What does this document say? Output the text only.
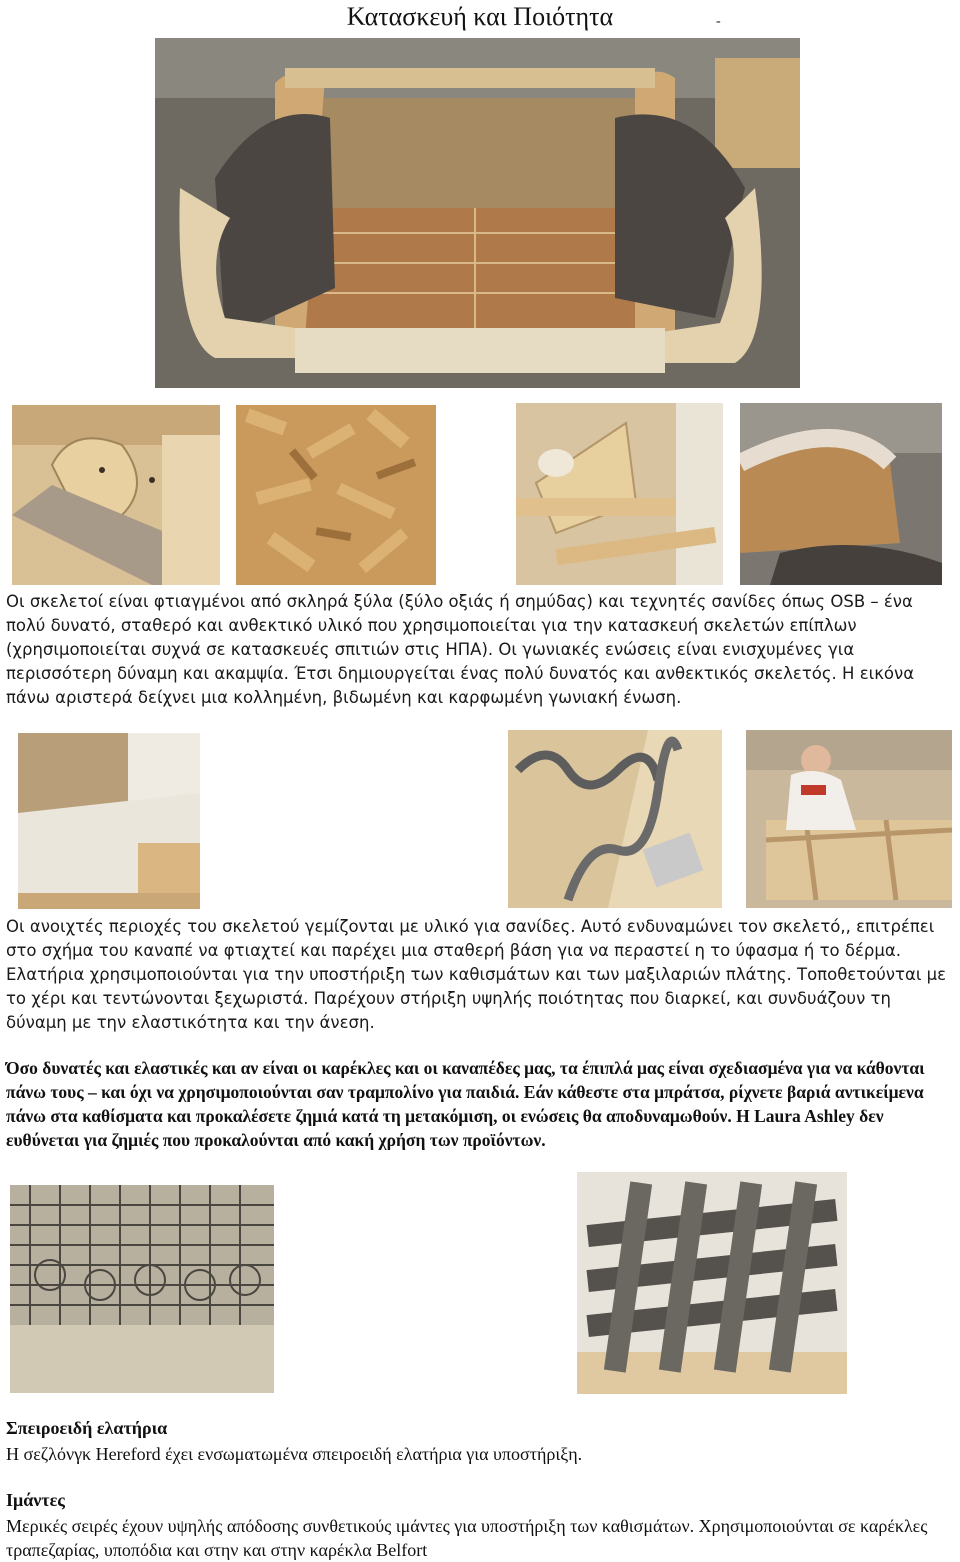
Κατασκευή και Ποιότητα	-
Οι σκελετοί είναι φτιαγμένοι από σκληρά ξύλα (ξύλο οξιάς ή σημύδας) και τεχνητές σανίδες όπως OSB – ένα πολύ δυνατό, σταθερό και ανθεκτικό υλικό που χρησιμοποιείται για την κατασκευή σκελετών επίπλων (χρησιμοποιείται συχνά σε κατασκευές σπιτιών στις ΗΠΑ). Οι γωνιακές ενώσεις είναι ενισχυμένες για περισσότερη δύναμη και ακαμψία. Έτσι δημιουργείται ένας πολύ δυνατός και ανθεκτικός σκελετός. Η εικόνα πάνω αριστερά δείχνει μια κολλημένη, βιδωμένη και καρφωμένη γωνιακή ένωση.
Οι ανοιχτές περιοχές του σκελετού γεμίζονται με υλικό για σανίδες. Αυτό ενδυναμώνει τον σκελετό,, επιτρέπει στο σχήμα του καναπέ να φτιαχτεί και παρέχει μια σταθερή βάση για να περαστεί η το ύφασμα ή το δέρμα. Ελατήρια χρησιμοποιούνται για την υποστήριξη των καθισμάτων και των μαξιλαριών πλάτης. Τοποθετούνται με το χέρι και τεντώνονται ξεχωριστά. Παρέχουν στήριξη υψηλής ποιότητας που διαρκεί, και συνδυάζουν τη δύναμη με την ελαστικότητα και την άνεση.
Όσο δυνατές και ελαστικές και αν είναι οι καρέκλες και οι καναπέδες μας, τα έπιπλά μας είναι σχεδιασμένα για να κάθονται πάνω τους – και όχι να χρησιμοποιούνται σαν τραμπολίνο για παιδιά. Εάν κάθεστε στα μπράτσα, ρίχνετε βαριά αντικείμενα πάνω στα καθίσματα και προκαλέσετε ζημιά κατά τη μετακόμιση, οι ενώσεις θα αποδυναμωθούν. Η Laura Ashley δεν ευθύνεται για ζημιές που προκαλούνται από κακή χρήση των προϊόντων.
Σπειροειδή ελατήρια
Η σεζλόνγκ Hereford έχει ενσωματωμένα σπειροειδή ελατήρια για υποστήριξη.
Ιμάντες
Μερικές σειρές έχουν υψηλής απόδοσης συνθετικούς ιμάντες για υποστήριξη των καθισμάτων. Χρησιμοποιούνται σε καρέκλες τραπεζαρίας, υποπόδια και στην και στην καρέκλα Belfort
